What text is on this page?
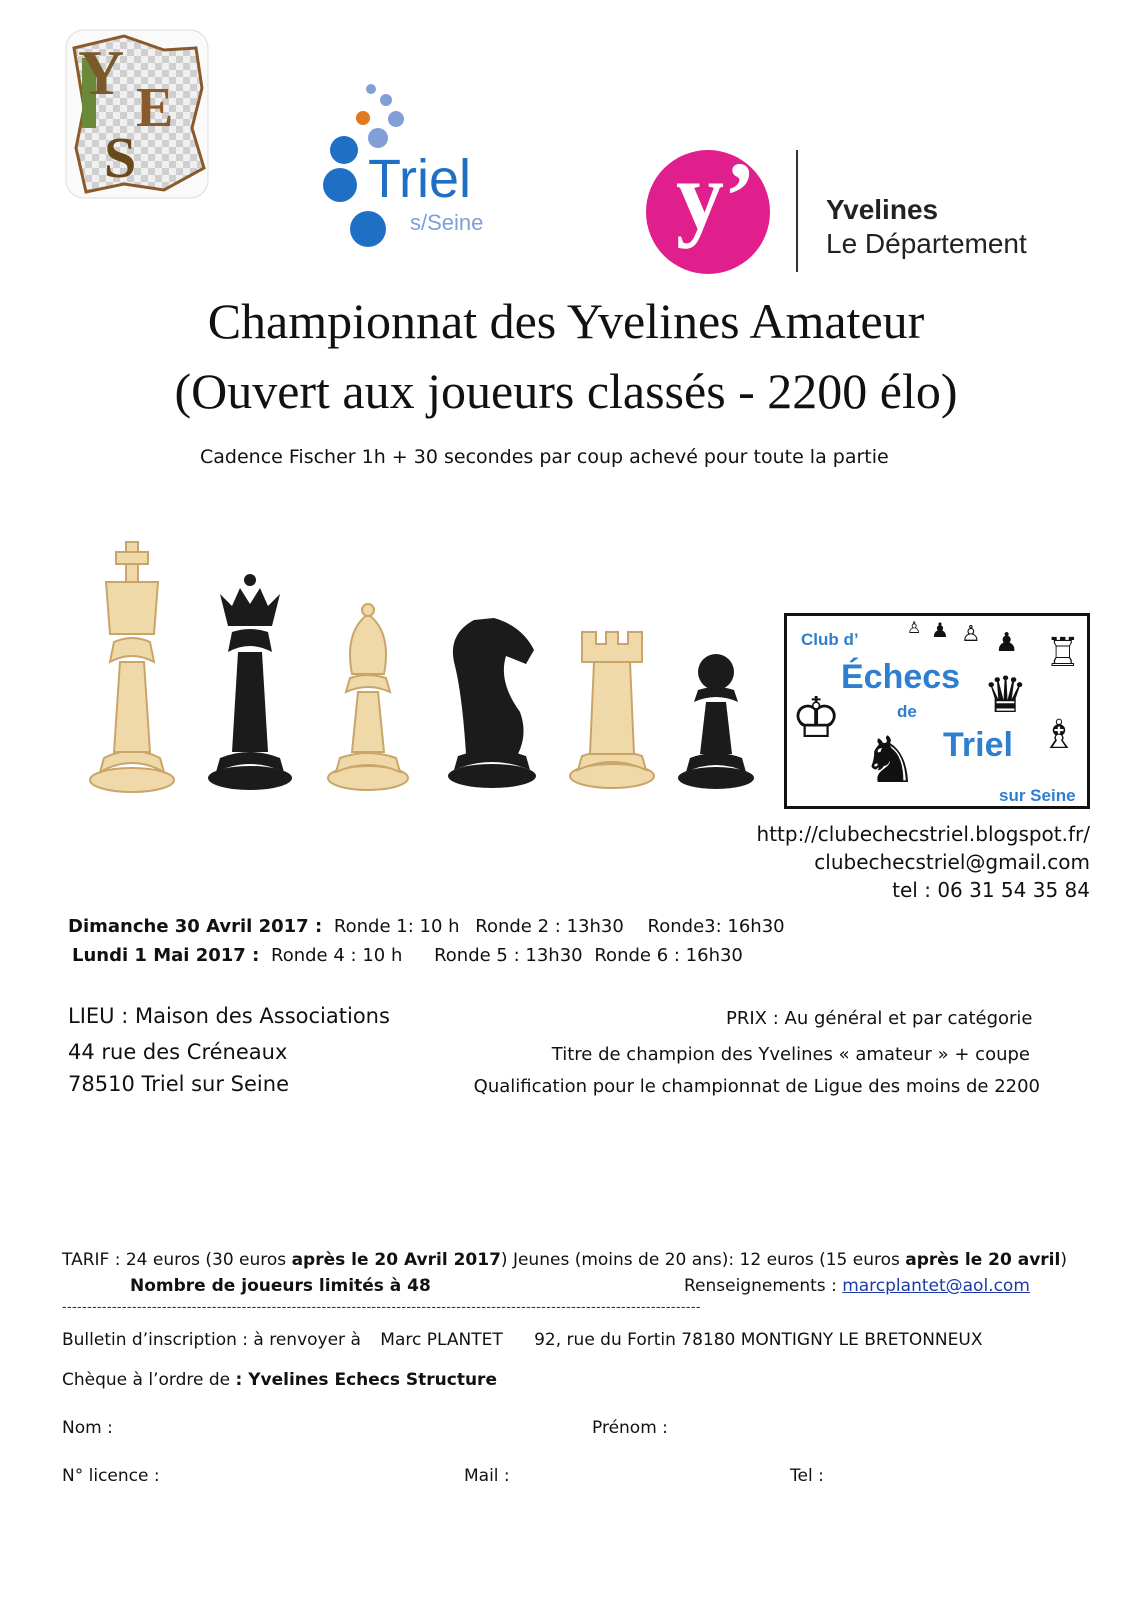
Y E
S	Triel
s/Seine y’	Yvelines
Le Département
Championnat des Yvelines Amateur
(Ouvert aux joueurs classés - 2200 élo)
Cadence Fischer 1h + 30 secondes par coup achevé pour toute la partie
Club d’
Échecs
de
Triel
sur Seine
♙ ♟ ♙ ♟ ♖
♛
♔
♞	♗
http://clubechecstriel.blogspot.fr/
clubechecstriel@gmail.com
tel : 06 31 54 35 84
Dimanche 30 Avril 2017 : Ronde 1: 10 h Ronde 2 : 13h30 Ronde3: 16h30
Lundi 1 Mai 2017 : Ronde 4 : 10 h Ronde 5 : 13h30 Ronde 6 : 16h30
LIEU : Maison des Associations
44 rue des Créneaux
78510 Triel sur Seine
PRIX : Au général et par catégorie
Titre de champion des Yvelines « amateur » + coupe
Qualification pour le championnat de Ligue des moins de 2200
TARIF : 24 euros (30 euros après le 20 Avril 2017) Jeunes (moins de 20 ans): 12 euros (15 euros après le 20 avril)
Nombre de joueurs limités à 48	Renseignements : marcplantet@aol.com
--------------------------------------------------------------------------------------------------------------------------------
Bulletin d’inscription : à renvoyer à Marc PLANTET 92, rue du Fortin 78180 MONTIGNY LE BRETONNEUX
Chèque à l’ordre de : Yvelines Echecs Structure
Nom :	Prénom :
N° licence :	Mail :	Tel :
